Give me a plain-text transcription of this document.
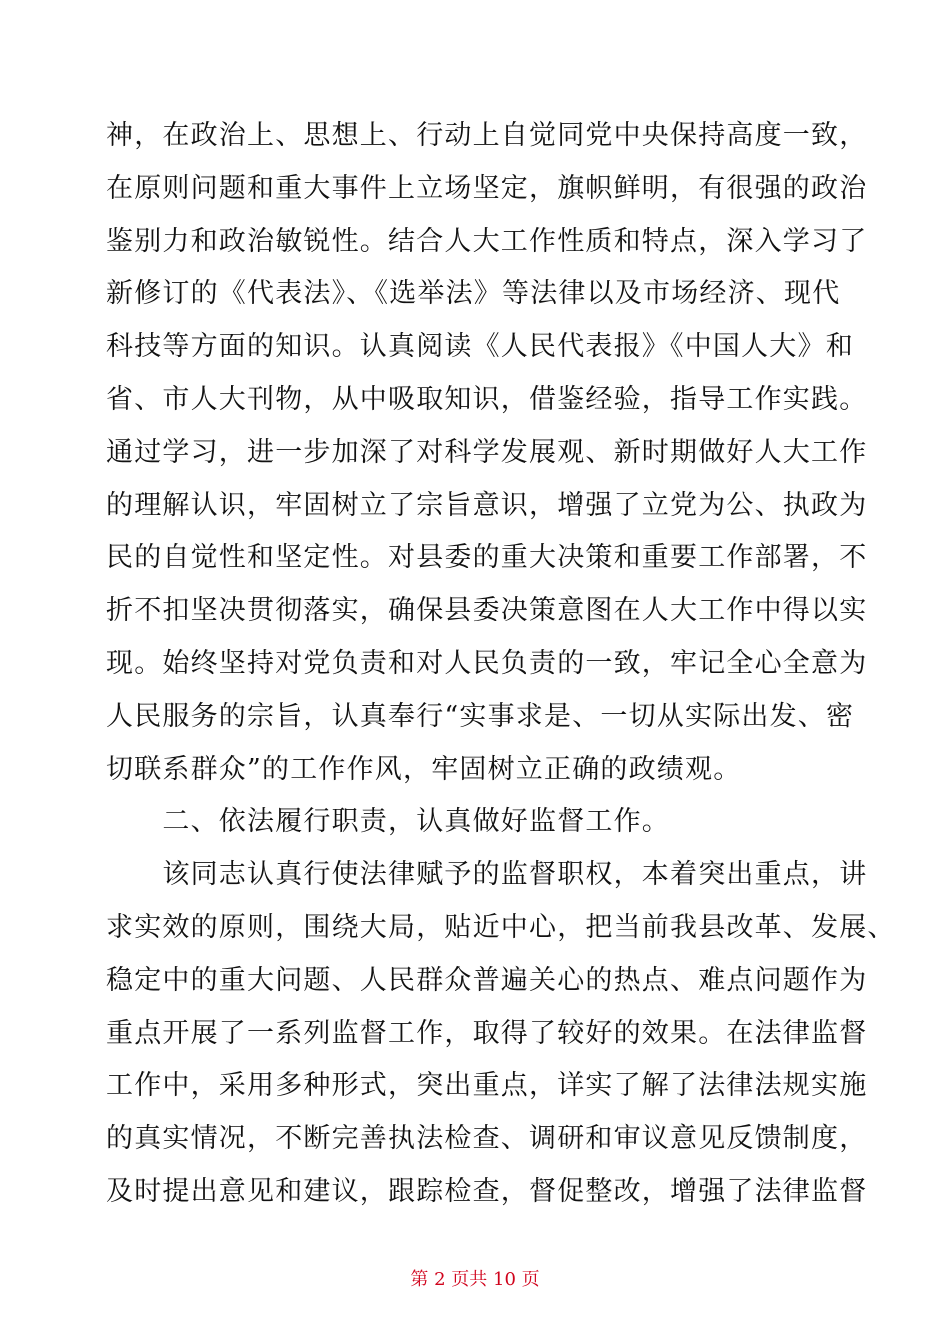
神，在政治上、思想上、行动上自觉同党中央保持高度一致，
在原则问题和重大事件上立场坚定，旗帜鲜明，有很强的政治
鉴别力和政治敏锐性。结合人大工作性质和特点，深入学习了
新修订的《代表法》、《选举法》等法律以及市场经济、现代
科技等方面的知识。认真阅读《人民代表报》《中国人大》和
省、市人大刊物，从中吸取知识，借鉴经验，指导工作实践。
通过学习，进一步加深了对科学发展观、新时期做好人大工作
的理解认识，牢固树立了宗旨意识，增强了立党为公、执政为
民的自觉性和坚定性。对县委的重大决策和重要工作部署，不
折不扣坚决贯彻落实，确保县委决策意图在人大工作中得以实
现。始终坚持对党负责和对人民负责的一致，牢记全心全意为
人民服务的宗旨，认真奉行“实事求是、一切从实际出发、密
切联系群众”的工作作风，牢固树立正确的政绩观。
　　二、依法履行职责，认真做好监督工作。
　　该同志认真行使法律赋予的监督职权，本着突出重点，讲
求实效的原则，围绕大局，贴近中心，把当前我县改革、发展、
稳定中的重大问题、人民群众普遍关心的热点、难点问题作为
重点开展了一系列监督工作，取得了较好的效果。在法律监督
工作中，采用多种形式，突出重点，详实了解了法律法规实施
的真实情况，不断完善执法检查、调研和审议意见反馈制度，
及时提出意见和建议，跟踪检查，督促整改，增强了法律监督
第 2 页共 10 页
